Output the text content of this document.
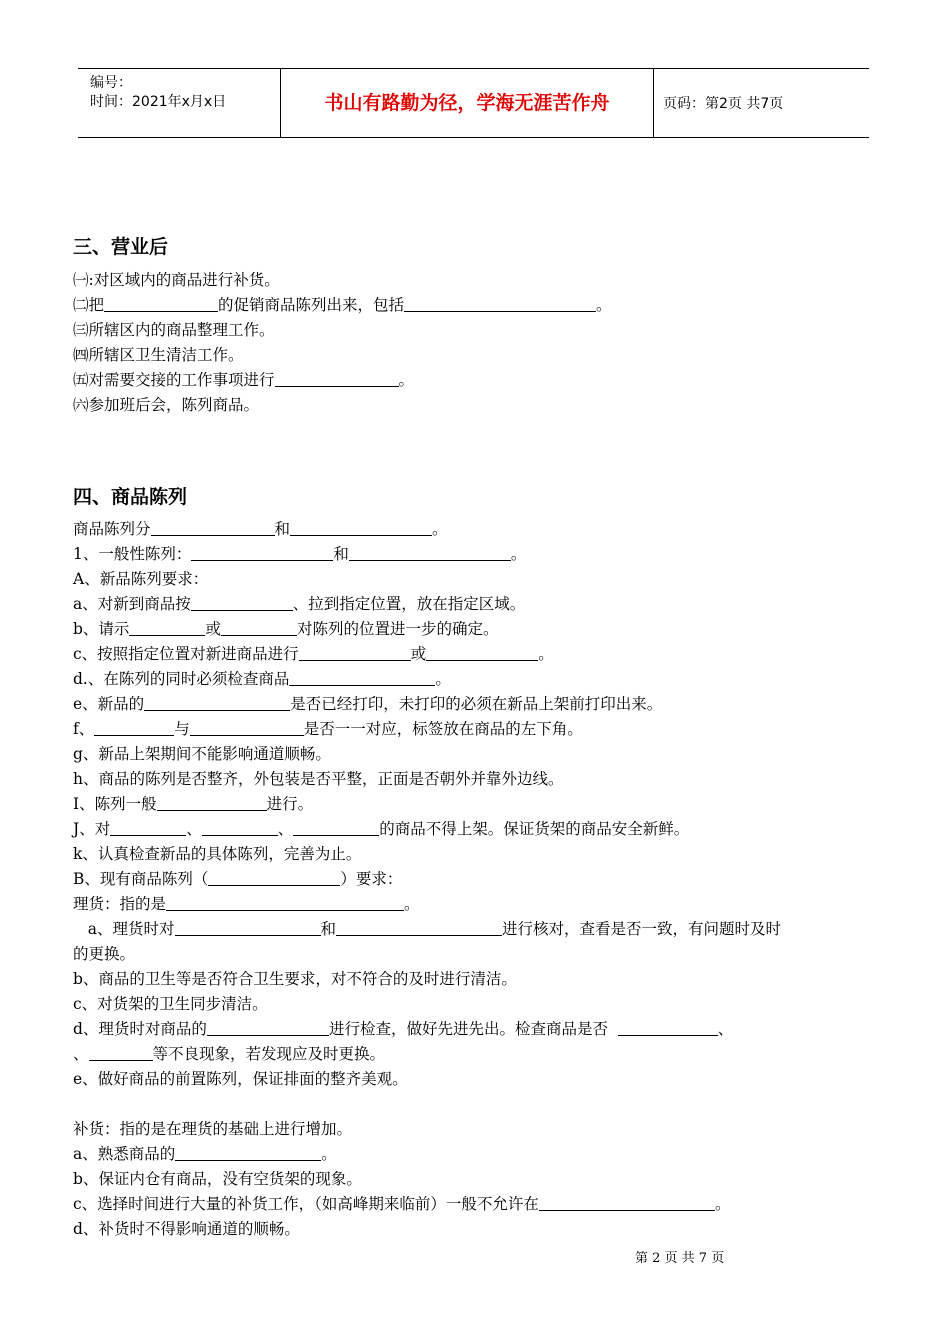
编号：
时间：2021年x月x日	书山有路勤为径，学海无涯苦作舟	页码：第2页 共7页
三、营业后
㈠:对区域内的商品进行补货。
㈡把	的促销商品陈列出来，包括	。
㈢所辖区内的商品整理工作。
㈣所辖区卫生清洁工作。
㈤对需要交接的工作事项进行	。
㈥参加班后会，陈列商品。
四、商品陈列
商品陈列分	和	。
1、一般性陈列：	和	。
A、新品陈列要求：
a、对新到商品按	、拉到指定位置，放在指定区域。
b、请示	或	对陈列的位置进一步的确定。
c、按照指定位置对新进商品进行	或	。
d.、在陈列的同时必须检查商品	。
e、新品的	是否已经打印，未打印的必须在新品上架前打印出来。
f、	与	是否一一对应，标签放在商品的左下角。
g、新品上架期间不能影响通道顺畅。
h、商品的陈列是否整齐，外包装是否平整，正面是否朝外并靠外边线。
I、陈列一般	进行。
J、对	、	、	的商品不得上架。保证货架的商品安全新鲜。
k、认真检查新品的具体陈列，完善为止。
B、现有商品陈列（	）要求：
理货：指的是	。
a、理货时对	和	进行核对，查看是否一致，有问题时及时
的更换。
b、商品的卫生等是否符合卫生要求，对不符合的及时进行清洁。
c、对货架的卫生同步清洁。
d、理货时对商品的	进行检查，做好先进先出。检查商品是否	、
、	等不良现象，若发现应及时更换。
e、做好商品的前置陈列，保证排面的整齐美观。
补货：指的是在理货的基础上进行增加。
a、熟悉商品的	。
b、保证内仓有商品，没有空货架的现象。
c、选择时间进行大量的补货工作，（如高峰期来临前）一般不允许在	。
d、补货时不得影响通道的顺畅。
第 2 页 共 7 页
